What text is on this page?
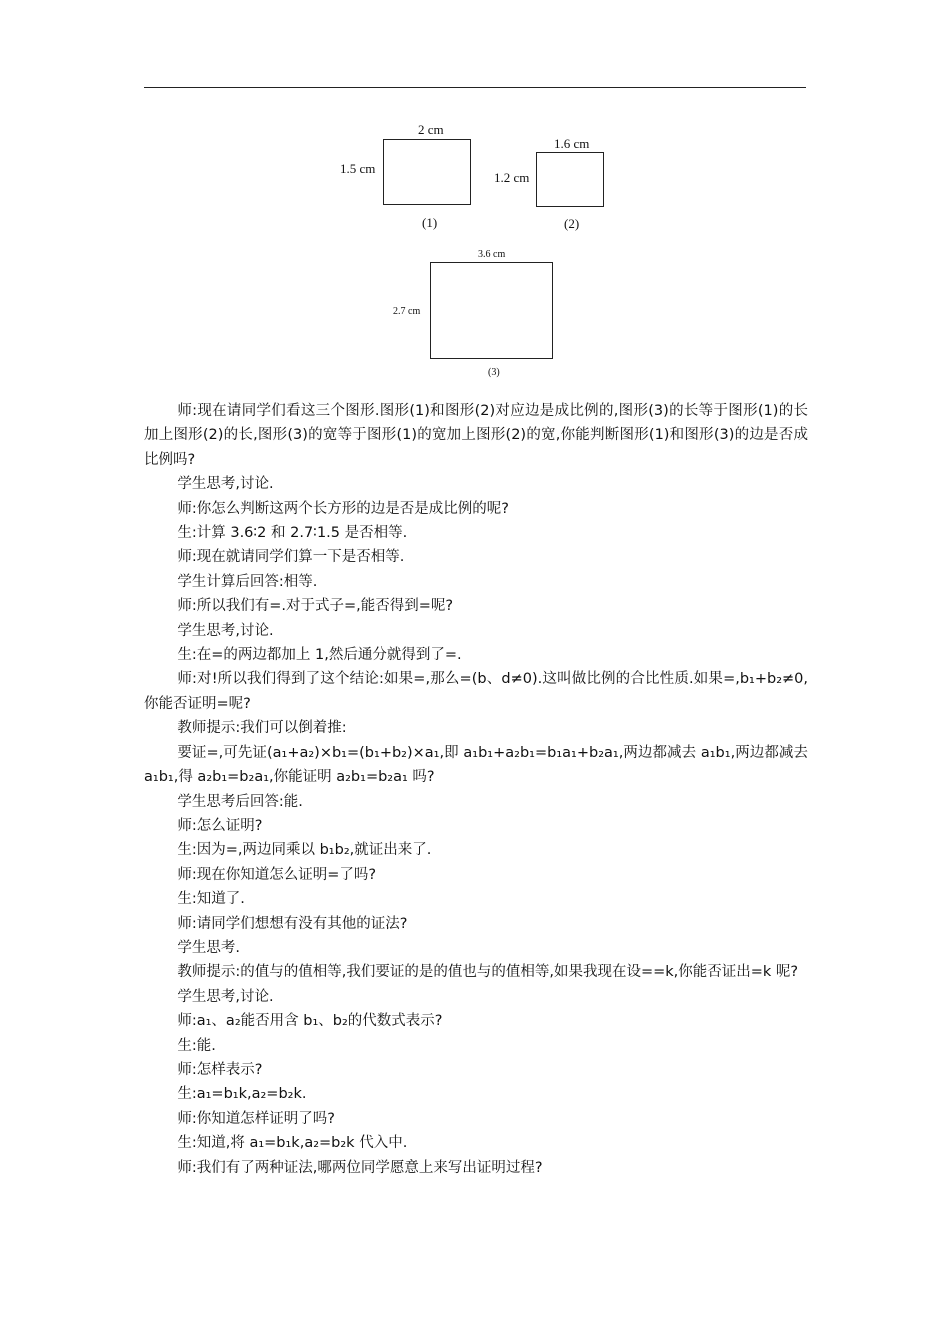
2 cm
1.5 cm
(1)
1.6 cm
1.2 cm
(2)
3.6 cm
2.7 cm
(3)

师:现在请同学们看这三个图形.图形(1)和图形(2)对应边是成比例的,图形(3)的长等于图形(1)的长加上图形(2)的长,图形(3)的宽等于图形(1)的宽加上图形(2)的宽,你能判断图形(1)和图形(3)的边是否成比例吗?

学生思考,讨论.

师:你怎么判断这两个长方形的边是否是成比例的呢?

生:计算 3.6∶2 和 2.7∶1.5 是否相等.

师:现在就请同学们算一下是否相等.

学生计算后回答:相等.

师:所以我们有=.对于式子=,能否得到=呢?

学生思考,讨论.

生:在=的两边都加上 1,然后通分就得到了=.

师:对!所以我们得到了这个结论:如果=,那么=(b、d≠0).这叫做比例的合比性质.如果=,b₁+b₂≠0,你能否证明=呢?

教师提示:我们可以倒着推:

要证=,可先证(a₁+a₂)×b₁=(b₁+b₂)×a₁,即 a₁b₁+a₂b₁=b₁a₁+b₂a₁,两边都减去 a₁b₁,两边都减去 a₁b₁,得 a₂b₁=b₂a₁,你能证明 a₂b₁=b₂a₁ 吗?

学生思考后回答:能.

师:怎么证明?

生:因为=,两边同乘以 b₁b₂,就证出来了.

师:现在你知道怎么证明=了吗?

生:知道了.

师:请同学们想想有没有其他的证法?

学生思考.

教师提示:的值与的值相等,我们要证的是的值也与的值相等,如果我现在设==k,你能否证出=k 呢?

学生思考,讨论.

师:a₁、a₂能否用含 b₁、b₂的代数式表示?

生:能.

师:怎样表示?

生:a₁=b₁k,a₂=b₂k.

师:你知道怎样证明了吗?

生:知道,将 a₁=b₁k,a₂=b₂k 代入中.

师:我们有了两种证法,哪两位同学愿意上来写出证明过程?
